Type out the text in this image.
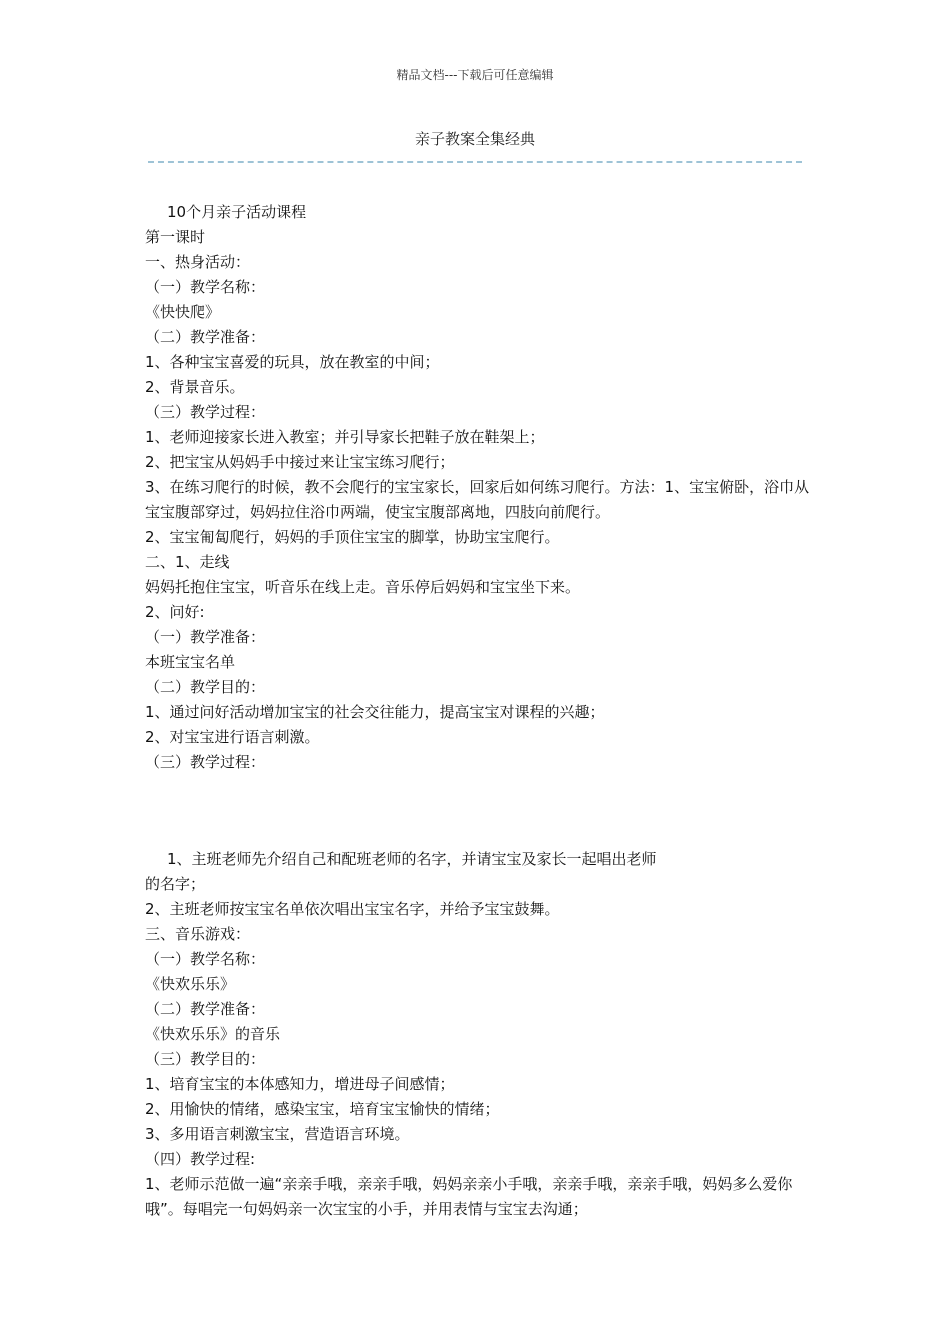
精品文档---下载后可任意编辑
亲子教案全集经典
10个月亲子活动课程
第一课时
一、热身活动：
（一）教学名称：
《快快爬》
（二）教学准备：
1、各种宝宝喜爱的玩具，放在教室的中间；
2、背景音乐。
（三）教学过程：
1、老师迎接家长进入教室；并引导家长把鞋子放在鞋架上；
2、把宝宝从妈妈手中接过来让宝宝练习爬行；
3、在练习爬行的时候，教不会爬行的宝宝家长，回家后如何练习爬行。方法：1、宝宝俯卧，浴巾从宝宝腹部穿过，妈妈拉住浴巾两端，使宝宝腹部离地，四肢向前爬行。
2、宝宝匍匐爬行，妈妈的手顶住宝宝的脚掌，协助宝宝爬行。
二、1、走线
妈妈托抱住宝宝，听音乐在线上走。音乐停后妈妈和宝宝坐下来。
2、问好:
（一）教学准备：
本班宝宝名单
（二）教学目的：
1、通过问好活动增加宝宝的社会交往能力，提高宝宝对课程的兴趣；
2、对宝宝进行语言刺激。
（三）教学过程：
1、主班老师先介绍自己和配班老师的名字，并请宝宝及家长一起唱出老师
的名字；
2、主班老师按宝宝名单依次唱出宝宝名字，并给予宝宝鼓舞。
三、音乐游戏：
（一）教学名称：
《快欢乐乐》
（二）教学准备：
《快欢乐乐》的音乐
（三）教学目的：
1、培育宝宝的本体感知力，增进母子间感情；
2、用愉快的情绪，感染宝宝，培育宝宝愉快的情绪；
3、多用语言刺激宝宝，营造语言环境。
（四）教学过程:
1、老师示范做一遍“亲亲手哦，亲亲手哦，妈妈亲亲小手哦，亲亲手哦，亲亲手哦，妈妈多么爱你哦”。每唱完一句妈妈亲一次宝宝的小手，并用表情与宝宝去沟通；
